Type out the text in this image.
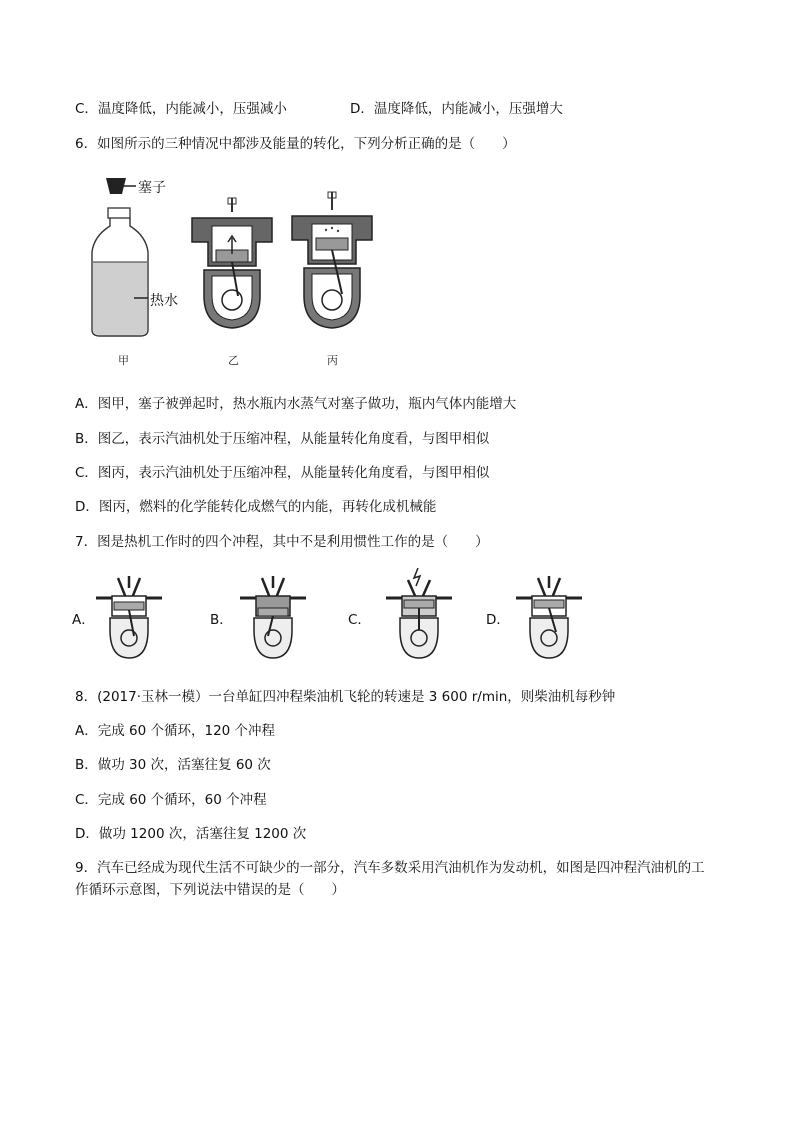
C．温度降低，内能减小，压强减小	D．温度降低，内能减小，压强增大
6．如图所示的三种情况中都涉及能量的转化，下列分析正确的是（　　）
塞子
热水
甲	乙	丙
A．图甲，塞子被弹起时，热水瓶内水蒸气对塞子做功，瓶内气体内能增大
B．图乙，表示汽油机处于压缩冲程，从能量转化角度看，与图甲相似
C．图丙，表示汽油机处于压缩冲程，从能量转化角度看，与图甲相似
D．图丙，燃料的化学能转化成燃气的内能，再转化成机械能
7．图是热机工作时的四个冲程，其中不是利用惯性工作的是（　　）
A．	B．	C．	D．
8．(2017·玉林一模）一台单缸四冲程柴油机飞轮的转速是 3 600 r/min，则柴油机每秒钟
A．完成 60 个循环，120 个冲程
B．做功 30 次，活塞往复 60 次
C．完成 60 个循环，60 个冲程
D．做功 1200 次，活塞往复 1200 次
9．汽车已经成为现代生活不可缺少的一部分，汽车多数采用汽油机作为发动机，如图是四冲程汽油机的工
作循环示意图，下列说法中错误的是（　　）
